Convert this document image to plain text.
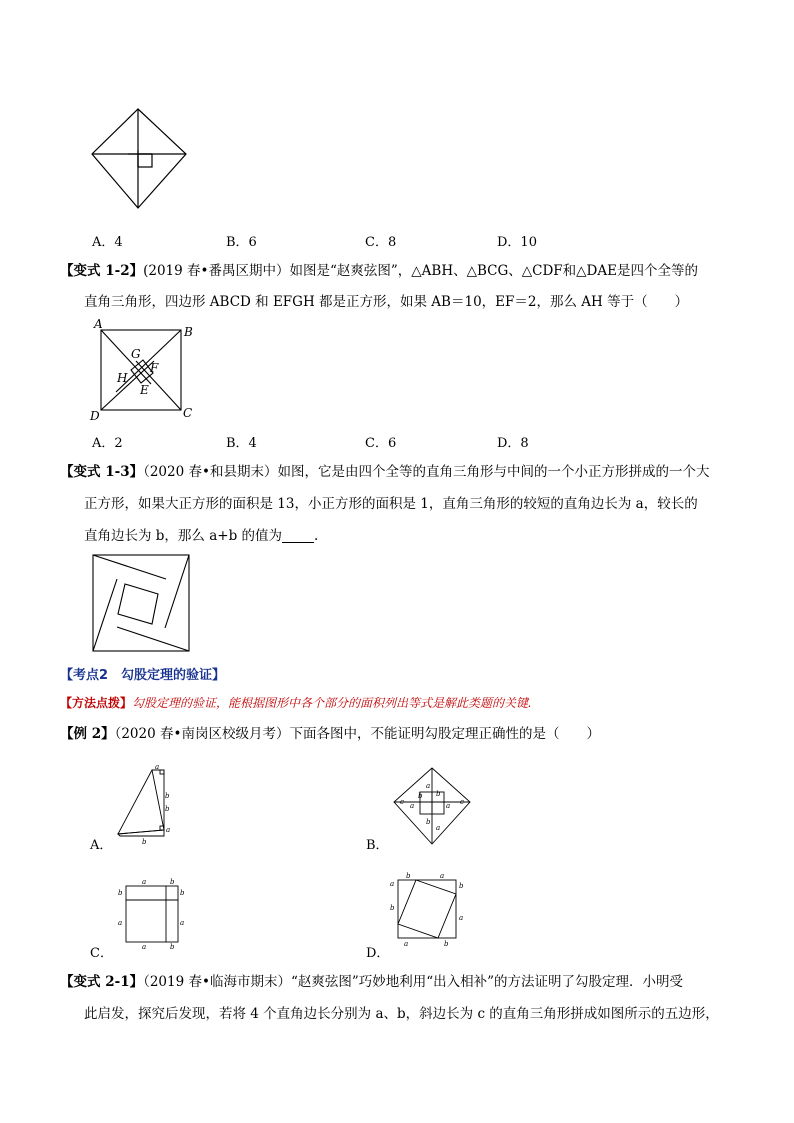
A．4	B．6	C．8	D．10
【变式 1-2】(2019 春•番禺区期中）如图是“赵爽弦图”，△ABH、△BCG、△CDF和△DAE是四个全等的
直角三角形，四边形 ABCD 和 EFGH 都是正方形，如果 AB＝10，EF＝2，那么 AH 等于（　　）
A
B
C
D
G
H
F
E
A．2	B．4	C．6	D．8
【变式 1-3】（2020 春•和县期末）如图，它是由四个全等的直角三角形与中间的一个小正方形拼成的一个大
正方形，如果大正方形的面积是 13，小正方形的面积是 1，直角三角形的较短的直角边长为 a，较长的
直角边长为 b，那么 a+b 的值为 .
【考点2　勾股定理的验证】
【方法点拨】勾股定理的验证，能根据图形中各个部分的面积列出等式是解此类题的关键.
【例 2】（2020 春•南岗区校级月考）下面各图中，不能证明勾股定理正确性的是（　　）
a
b
b
a
b
A．
a
b b
a
a
b
a
c	c
B．
a	b
b	b
a	a
a	b
C．
b	a
a	b
b
a
a	b
D．
【变式 2-1】（2019 春•临海市期末）“赵爽弦图”巧妙地利用“出入相补”的方法证明了勾股定理．小明受
此启发，探究后发现，若将 4 个直角边长分别为 a、b，斜边长为 c 的直角三角形拼成如图所示的五边形，
